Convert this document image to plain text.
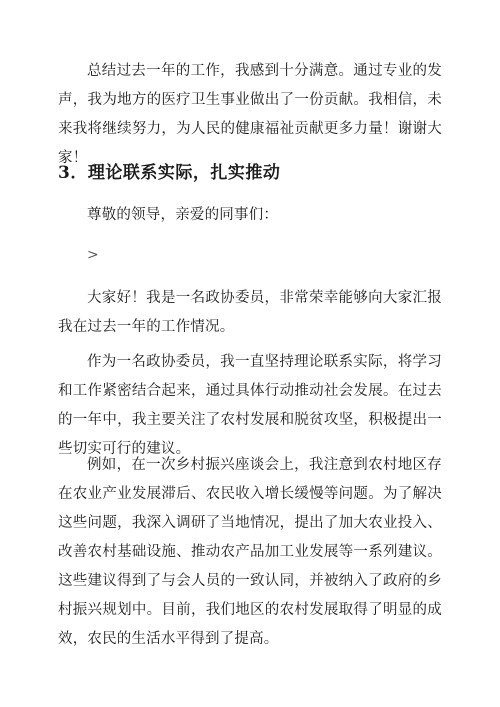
总结过去一年的工作，我感到十分满意。通过专业的发声，我为地方的医疗卫生事业做出了一份贡献。我相信，未来我将继续努力，为人民的健康福祉贡献更多力量！谢谢大家！

3．理论联系实际，扎实推动

尊敬的领导，亲爱的同事们：

>

大家好！我是一名政协委员，非常荣幸能够向大家汇报我在过去一年的工作情况。

作为一名政协委员，我一直坚持理论联系实际，将学习和工作紧密结合起来，通过具体行动推动社会发展。在过去的一年中，我主要关注了农村发展和脱贫攻坚，积极提出一些切实可行的建议。

例如，在一次乡村振兴座谈会上，我注意到农村地区存在农业产业发展滞后、农民收入增长缓慢等问题。为了解决这些问题，我深入调研了当地情况，提出了加大农业投入、改善农村基础设施、推动农产品加工业发展等一系列建议。这些建议得到了与会人员的一致认同，并被纳入了政府的乡村振兴规划中。目前，我们地区的农村发展取得了明显的成效，农民的生活水平得到了提高。
